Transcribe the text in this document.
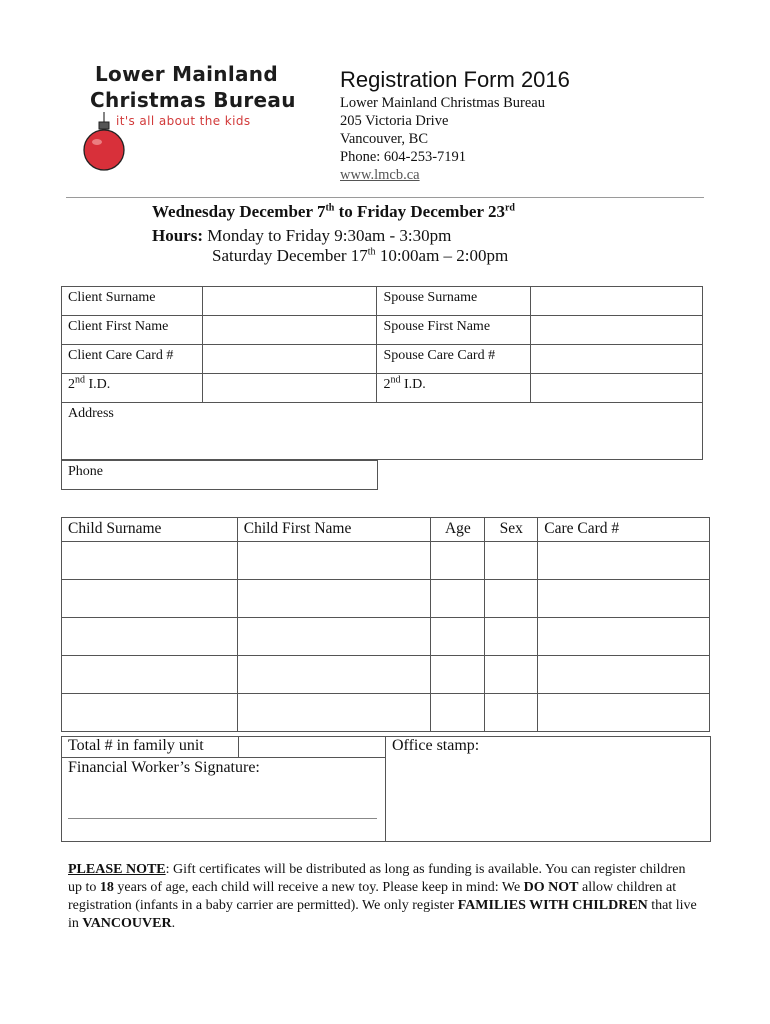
Lower Mainland
Christmas Bureau
it's all about the kids
Registration Form 2016
Lower Mainland Christmas Bureau
205 Victoria Drive
Vancouver, BC
Phone: 604-253-7191
www.lmcb.ca
Wednesday December 7th to Friday December 23rd
Hours: Monday to Friday 9:30am - 3:30pm
Saturday December 17th 10:00am – 2:00pm
Client Surname		Spouse Surname	
Client First Name		Spouse First Name	
Client Care Card #		Spouse Care Card #	
2nd I.D.		2nd I.D.	
Address			
Phone
Child Surname	Child First Name	Age	Sex	Care Card #

Total # in family unit
Financial Worker’s Signature:
Office stamp:
PLEASE NOTE: Gift certificates will be distributed as long as funding is available. You can register children up to 18 years of age, each child will receive a new toy. Please keep in mind: We DO NOT allow children at registration (infants in a baby carrier are permitted). We only register FAMILIES WITH CHILDREN that live in VANCOUVER.
